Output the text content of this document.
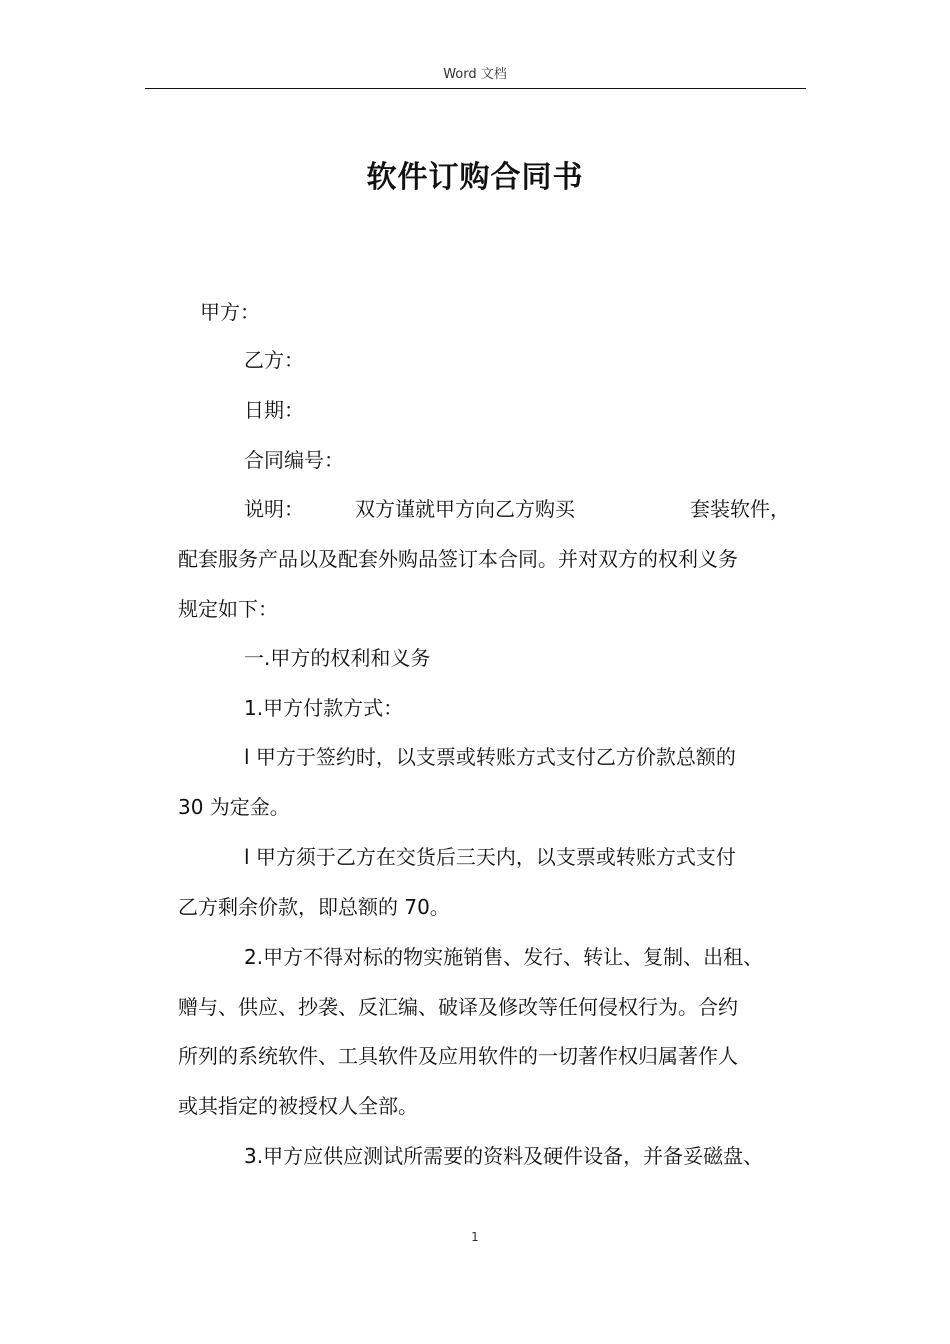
Word 文档
软件订购合同书
甲方：
乙方：
日期：
合同编号：
说明：	双方谨就甲方向乙方购买	套装软件，
配套服务产品以及配套外购品签订本合同。并对双方的权利义务
规定如下：
一.甲方的权利和义务
1.甲方付款方式：
l 甲方于签约时，以支票或转账方式支付乙方价款总额的
30 为定金。
l 甲方须于乙方在交货后三天内，以支票或转账方式支付
乙方剩余价款，即总额的 70。
2.甲方不得对标的物实施销售、发行、转让、复制、出租、
赠与、供应、抄袭、反汇编、破译及修改等任何侵权行为。合约
所列的系统软件、工具软件及应用软件的一切著作权归属著作人
或其指定的被授权人全部。
3.甲方应供应测试所需要的资料及硬件设备，并备妥磁盘、
1
